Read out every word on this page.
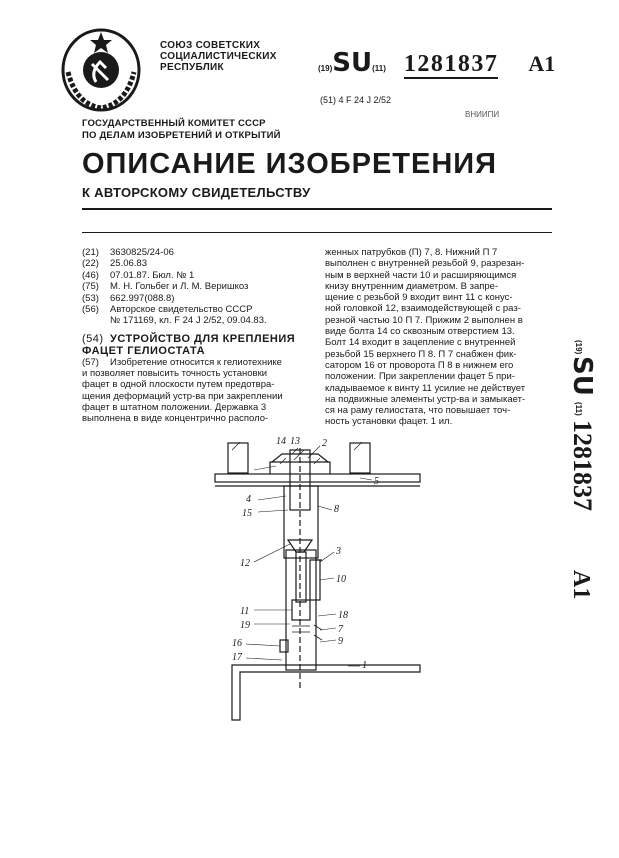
СОЮЗ СОВЕТСКИХ
СОЦИАЛИСТИЧЕСКИХ
РЕСПУБЛИК	(19)SU(11) 1281837 A1
(51) 4 F 24 J 2/52
ВНИИПИ
ГОСУДАРСТВЕННЫЙ КОМИТЕТ СССР
ПО ДЕЛАМ ИЗОБРЕТЕНИЙ И ОТКРЫТИЙ
ОПИСАНИЕ ИЗОБРЕТЕНИЯ
К АВТОРСКОМУ СВИДЕТЕЛЬСТВУ
(21) 3630825/24-06
(22) 25.06.83
(46) 07.01.87. Бюл. № 1
(75) М. Н. Гольбег и Л. М. Веришкоз
(53) 662.997(088.8)
(56) Авторское свидетельство СССР
№ 171169, кл. F 24 J 2/52, 09.04.83.
(54) УСТРОЙСТВО ДЛЯ КРЕПЛЕНИЯ
ФАЦЕТ ГЕЛИОСТАТА
(57) Изобретение относится к гелиотехнике
и позволяет повысить точность установки
фацет в одной плоскости путем предотвра-
щения деформаций устр-ва при закреплении
фацет в штатном положении. Державка 3
выполнена в виде концентрично располо-
женных патрубков (П) 7, 8. Нижний П 7
выполнен с внутренней резьбой 9, разрезан-
ным в верхней части 10 и расширяющимся
книзу внутренним диаметром. В запре-
щение с резьбой 9 входит винт 11 с конус-
ной головкой 12, взаимодействующей с раз-
резной частью 10 П 7. Прижим 2 выполнен в
виде болта 14 со сквозным отверстием 13.
Болт 14 входит в зацепление с внутренней
резьбой 15 верхнего П 8. П 7 снабжен фик-
сатором 16 от проворота П 8 в нижнем его
положении. При закреплении фацет 5 при-
кладываемое к винту 11 усилие не действует
на подвижные элементы устр-ва и замыкает-
ся на раму гелиостата, что повышает точ-
ность установки фацет. 1 ил.
(19)
SU
(11)
1281837
A1
2
14 13
5
4
15	8
3
12
10
11
19
18
7
9
16
17
1
